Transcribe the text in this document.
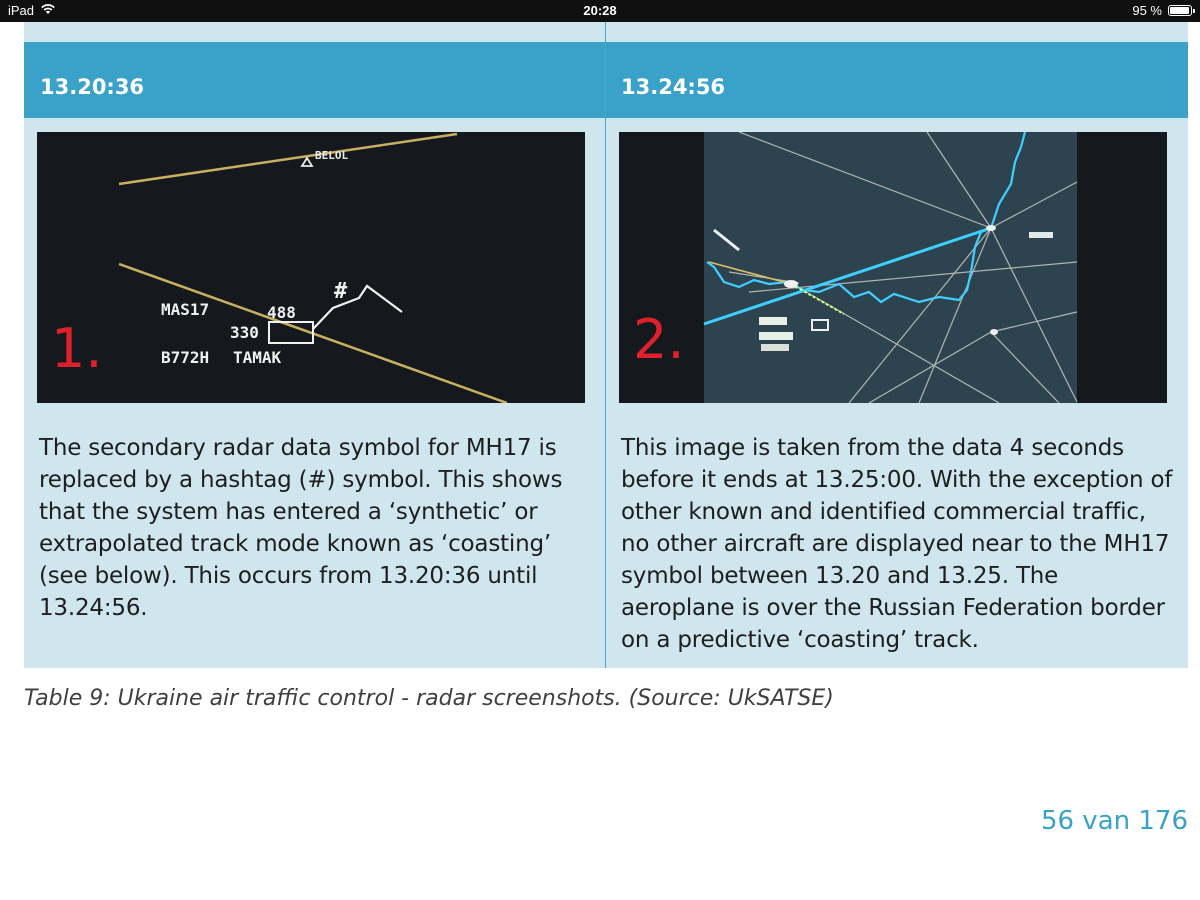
iPad	20:28	95 %

13.20:36	13.24:56
BELOL
MAS17	488
330
B772H TAMAK
#
1.	2.
The secondary radar data symbol for MH17 is replaced by a hashtag (#) symbol. This shows that the system has entered a ‘synthetic’ or extrapolated track mode known as ‘coasting’ (see below). This occurs from 13.20:36 until 13.24:56.
This image is taken from the data 4 seconds before it ends at 13.25:00. With the exception of other known and identified commercial traffic, no other aircraft are displayed near to the MH17 symbol between 13.20 and 13.25. The aeroplane is over the Russian Federation border on a predictive ‘coasting’ track.
Table 9: Ukraine air traffic control - radar screenshots. (Source: UkSATSE)
56 van 176
